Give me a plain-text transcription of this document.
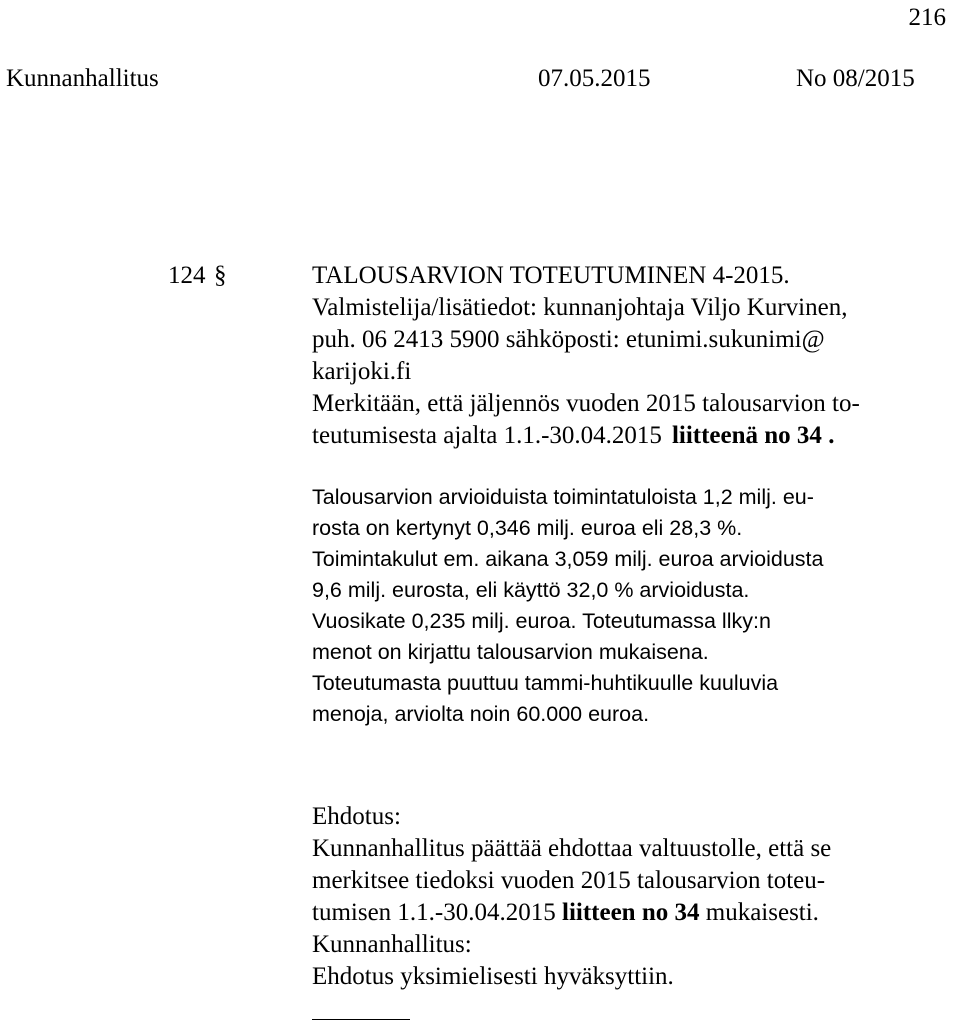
216
Kunnanhallitus	07.05.2015	No 08/2015
124 §	TALOUSARVION TOTEUTUMINEN 4-2015.
Valmistelija/lisätiedot: kunnanjohtaja Viljo Kurvinen,
puh. 06 2413 5900 sähköposti: etunimi.sukunimi@
karijoki.fi
Merkitään, että jäljennös vuoden 2015 talousarvion to-
teutumisesta ajalta 1.1.-30.04.2015 liitteenä no 34 .
Talousarvion arvioiduista toimintatuloista 1,2 milj. eu-
rosta on kertynyt 0,346 milj. euroa eli 28,3 %.
Toimintakulut em. aikana 3,059 milj. euroa arvioidusta
9,6 milj. eurosta, eli käyttö 32,0 % arvioidusta.
Vuosikate 0,235 milj. euroa. Toteutumassa llky:n
menot on kirjattu talousarvion mukaisena.
Toteutumasta puuttuu tammi-huhtikuulle kuuluvia
menoja, arviolta noin 60.000 euroa.
Ehdotus:
Kunnanhallitus päättää ehdottaa valtuustolle, että se
merkitsee tiedoksi vuoden 2015 talousarvion toteu-
tumisen 1.1.-30.04.2015 liitteen no 34 mukaisesti.
Kunnanhallitus:
Ehdotus yksimielisesti hyväksyttiin.
